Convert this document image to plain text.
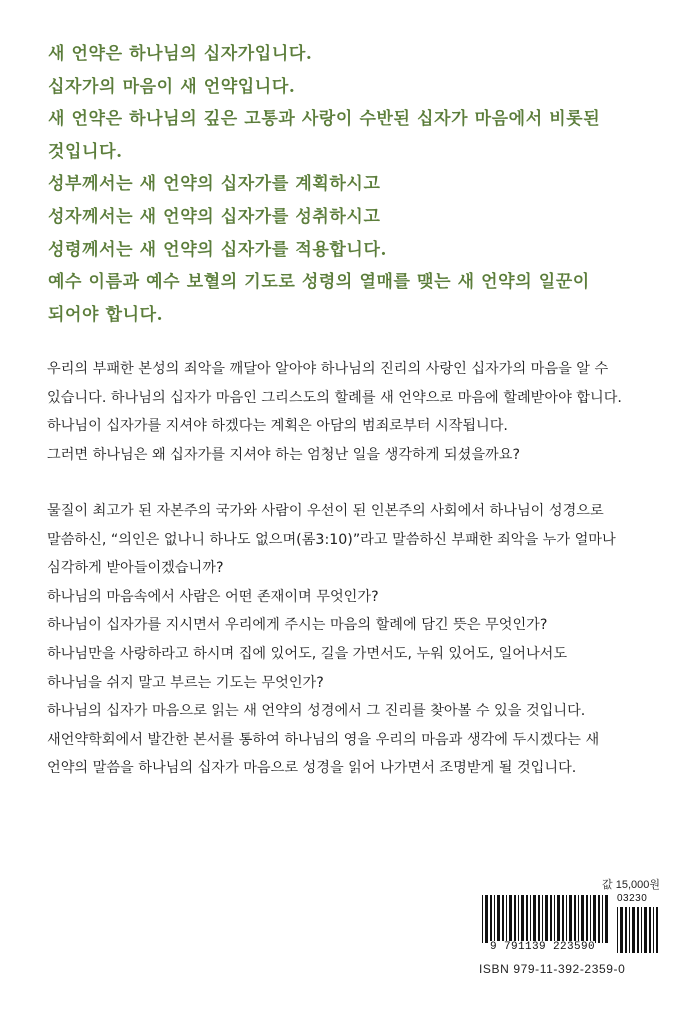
새 언약은 하나님의 십자가입니다.
십자가의 마음이 새 언약입니다.
새 언약은 하나님의 깊은 고통과 사랑이 수반된 십자가 마음에서 비롯된
것입니다.
성부께서는 새 언약의 십자가를 계획하시고
성자께서는 새 언약의 십자가를 성취하시고
성령께서는 새 언약의 십자가를 적용합니다.
예수 이름과 예수 보혈의 기도로 성령의 열매를 맺는 새 언약의 일꾼이
되어야 합니다.
우리의 부패한 본성의 죄악을 깨달아 알아야 하나님의 진리의 사랑인 십자가의 마음을 알 수
있습니다. 하나님의 십자가 마음인 그리스도의 할례를 새 언약으로 마음에 할례받아야 합니다.
하나님이 십자가를 지셔야 하겠다는 계획은 아담의 범죄로부터 시작됩니다.
그러면 하나님은 왜 십자가를 지셔야 하는 엄청난 일을 생각하게 되셨을까요?
물질이 최고가 된 자본주의 국가와 사람이 우선이 된 인본주의 사회에서 하나님이 성경으로
말씀하신, “의인은 없나니 하나도 없으며(롬3:10)”라고 말씀하신 부패한 죄악을 누가 얼마나
심각하게 받아들이겠습니까?
하나님의 마음속에서 사람은 어떤 존재이며 무엇인가?
하나님이 십자가를 지시면서 우리에게 주시는 마음의 할례에 담긴 뜻은 무엇인가?
하나님만을 사랑하라고 하시며 집에 있어도, 길을 가면서도, 누워 있어도, 일어나서도
하나님을 쉬지 말고 부르는 기도는 무엇인가?
하나님의 십자가 마음으로 읽는 새 언약의 성경에서 그 진리를 찾아볼 수 있을 것입니다.
새언약학회에서 발간한 본서를 통하여 하나님의 영을 우리의 마음과 생각에 두시겠다는 새
언약의 말씀을 하나님의 십자가 마음으로 성경을 읽어 나가면서 조명받게 될 것입니다.
값 15,000원
9 791139 223590
03230
ISBN 979-11-392-2359-0
